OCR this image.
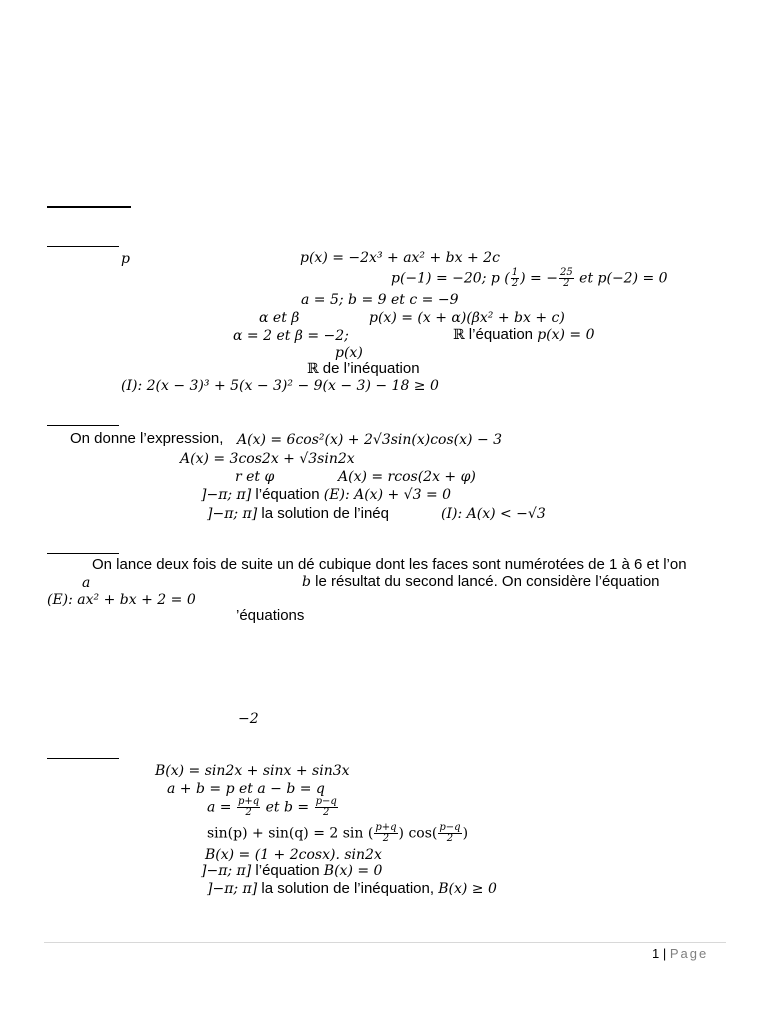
p	p(x) = −2x³ + ax² + bx + 2c
p(−1) = −20; p ( $\frac{1}{2}$ ) = − $\frac{25}{2}$ et p(−2) = 0
a = 5; b = 9 et c = −9
α et β	p(x) = (x + α)(βx² + bx + c)
α = 2 et β = −2;	ℝ l’équation p(x) = 0
p(x)
ℝ de l’inéquation
(I): 2(x − 3)³ + 5(x − 3)² − 9(x − 3) − 18 ≥ 0
On donne l’expression, A(x) = 6cos²(x) + 2√3sin(x)cos(x) − 3
A(x) = 3cos2x + √3sin2x
r et φ	A(x) = rcos(2x + φ)
]−π; π] l’équation (E): A(x) + √3 = 0
]−π; π] la solution de l’inéq	(I): A(x) < −√3
On lance deux fois de suite un dé cubique dont les faces sont numérotées de 1 à 6 et l’on
a	b le résultat du second lancé. On considère l’équation
(E): ax² + bx + 2 = 0
’équations
−2
B(x) = sin2x + sinx + sin3x
a + b = p et a − b = q
$a = \frac{p+q}{2}$ et $b = \frac{p-q}{2}$
sin(p) + sin(q) = 2 sin ( $\frac{p+q}{2}$ ) $\cos( \frac{p-q}{2}$ )
B(x) = (1 + 2cosx). sin2x
]−π; π] l’équation B(x) = 0
]−π; π] la solution de l’inéquation, B(x) ≥ 0
1 | Page
